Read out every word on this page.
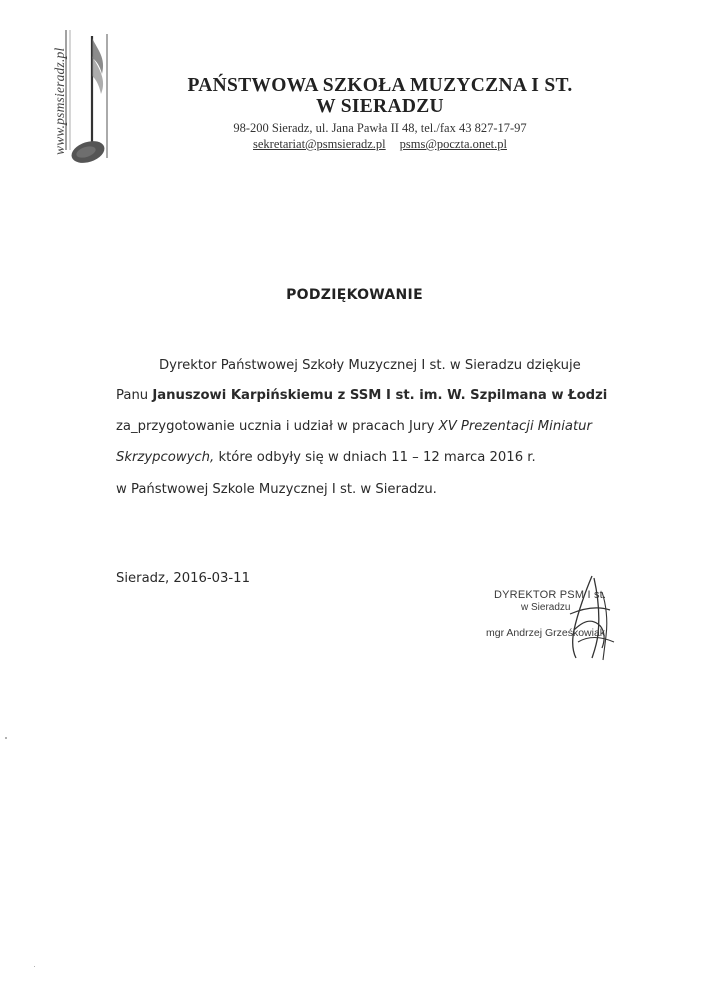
www.psmsieradz.pl	PAŃSTWOWA SZKOŁA MUZYCZNA I ST.
W SIERADZU
98-200 Sieradz, ul. Jana Pawła II 48, tel./fax 43 827-17-97
sekretariat@psmsieradz.pl psms@poczta.onet.pl
PODZIĘKOWANIE
Dyrektor Państwowej Szkoły Muzycznej I st. w Sieradzu dziękuje
Panu Januszowi Karpińskiemu z SSM I st. im. W. Szpilmana w Łodzi
za_przygotowanie ucznia i udział w pracach Jury XV Prezentacji Miniatur
Skrzypcowych, które odbyły się w dniach 11 – 12 marca 2016 r.
w Państwowej Szkole Muzycznej I st. w Sieradzu.
Sieradz, 2016-03-11
DYREKTOR PSM I st.
w Sieradzu
mgr Andrzej Grześkowiak
